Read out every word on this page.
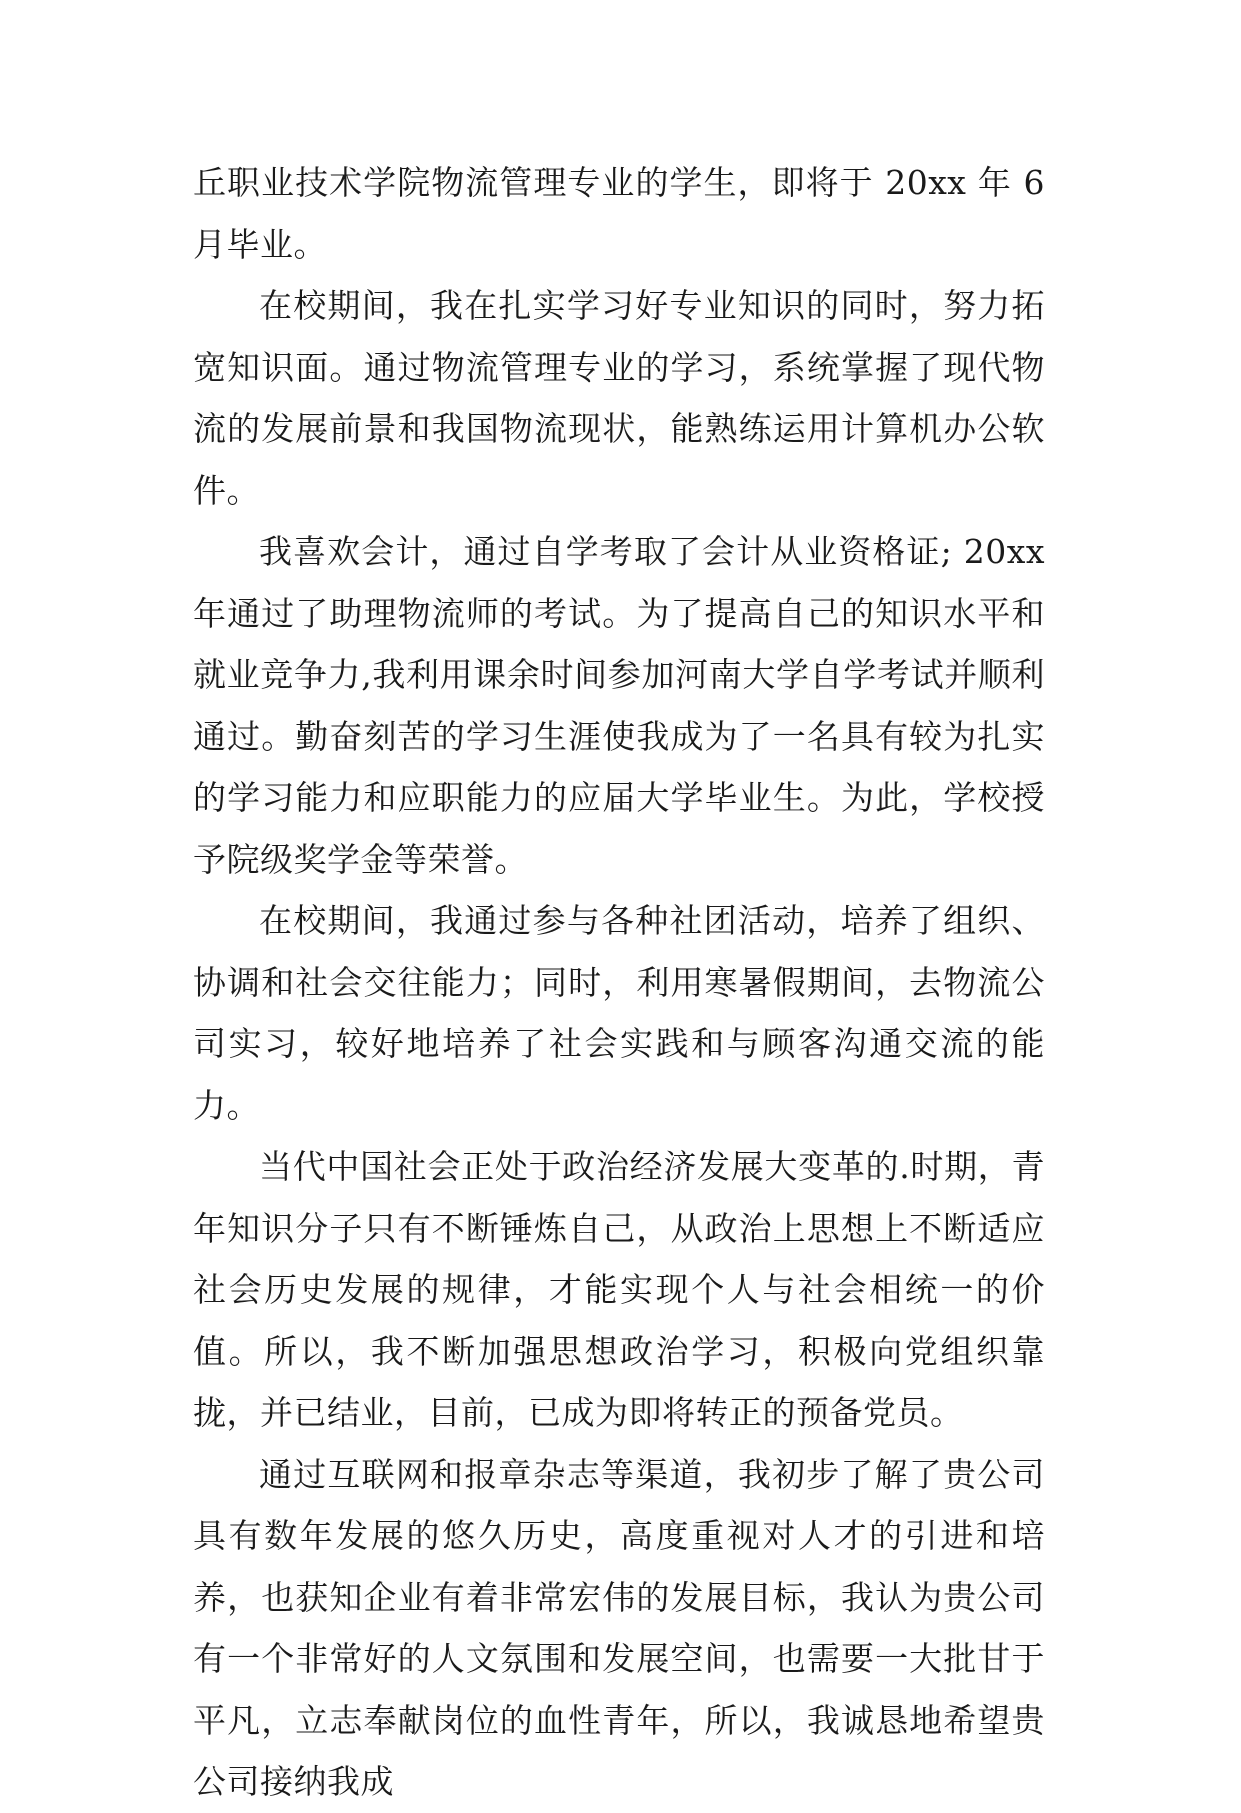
丘职业技术学院物流管理专业的学生，即将于 20xx 年 6 月毕业。

在校期间，我在扎实学习好专业知识的同时，努力拓宽知识面。通过物流管理专业的学习，系统掌握了现代物流的发展前景和我国物流现状，能熟练运用计算机办公软件。

我喜欢会计，通过自学考取了会计从业资格证; 20xx 年通过了助理物流师的考试。为了提高自己的知识水平和就业竞争力,我利用课余时间参加河南大学自学考试并顺利通过。勤奋刻苦的学习生涯使我成为了一名具有较为扎实的学习能力和应职能力的应届大学毕业生。为此，学校授予院级奖学金等荣誉。

在校期间，我通过参与各种社团活动，培养了组织、协调和社会交往能力；同时，利用寒暑假期间，去物流公司实习，较好地培养了社会实践和与顾客沟通交流的能力。

当代中国社会正处于政治经济发展大变革的.时期，青年知识分子只有不断锤炼自己，从政治上思想上不断适应社会历史发展的规律，才能实现个人与社会相统一的价值。所以，我不断加强思想政治学习，积极向党组织靠拢，并已结业，目前，已成为即将转正的预备党员。

通过互联网和报章杂志等渠道，我初步了解了贵公司具有数年发展的悠久历史，高度重视对人才的引进和培养，也获知企业有着非常宏伟的发展目标，我认为贵公司有一个非常好的人文氛围和发展空间，也需要一大批甘于平凡，立志奉献岗位的血性青年，所以，我诚恳地希望贵公司接纳我成
